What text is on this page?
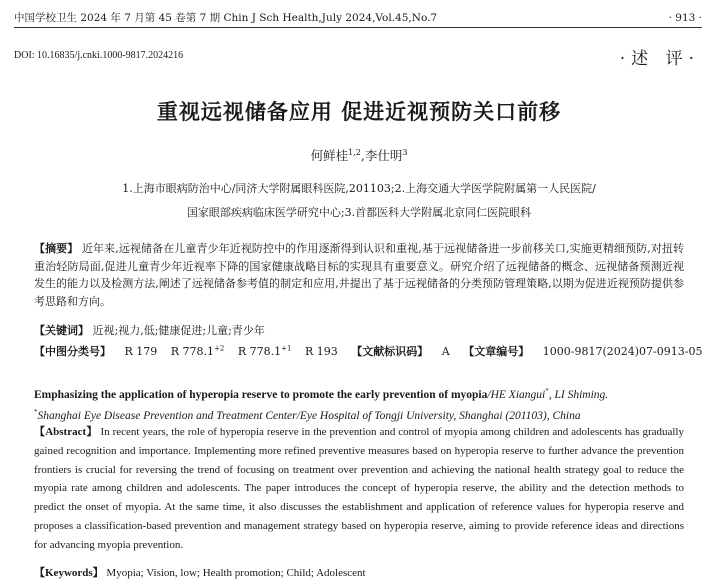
中国学校卫生 2024 年 7 月第 45 卷第 7 期 Chin J Sch Health,July 2024,Vol.45,No.7	· 913 ·
DOI: 10.16835/j.cnki.1000-9817.2024216	·述 评·
重视远视储备应用 促进近视预防关口前移
何鲜桂$^{1,2}$,李仕明$^3$
1.上海市眼病防治中心/同济大学附属眼科医院,201103;2.上海交通大学医学院附属第一人民医院/
国家眼部疾病临床医学研究中心;3.首都医科大学附属北京同仁医院眼科
【摘要】 近年来,远视储备在儿童青少年近视防控中的作用逐渐得到认识和重视,基于远视储备进一步前移关口,实施更精细预防,对扭转重治轻防局面,促进儿童青少年近视率下降的国家健康战略目标的实现具有重要意义。研究介绍了远视储备的概念、远视储备预测近视发生的能力以及检测方法,阐述了远视储备参考值的制定和应用,并提出了基于远视储备的分类预防管理策略,以期为促进近视预防提供参考思路和方向。
【关键词】 近视;视力,低;健康促进;儿童;青少年
【中图分类号】 R 179 R $778.1^{+2}$ R $778.1^{+1}$ R 193 【文献标识码】 A 【文章编号】 1000-9817(2024)07-0913-05
Emphasizing the application of hyperopia reserve to promote the early prevention of myopia/HE Xiangui*, LI Shiming.
*Shanghai Eye Disease Prevention and Treatment Center/Eye Hospital of Tongji University, Shanghai (201103), China
【Abstract】 In recent years, the role of hyperopia reserve in the prevention and control of myopia among children and adolescents has gradually gained recognition and importance. Implementing more refined preventive measures based on hyperopia reserve to further advance the prevention frontiers is crucial for reversing the trend of focusing on treatment over prevention and achieving the national health strategy goal to reduce the myopia rate among children and adolescents. The paper introduces the concept of hyperopia reserve, the ability and the detection methods to predict the onset of myopia. At the same time, it also discusses the establishment and application of reference values for hyperopia reserve and proposes a classification-based prevention and management strategy based on hyperopia reserve, aiming to provide reference ideas and directions for advancing myopia prevention.
【Keywords】 Myopia; Vision, low; Health promotion; Child; Adolescent
